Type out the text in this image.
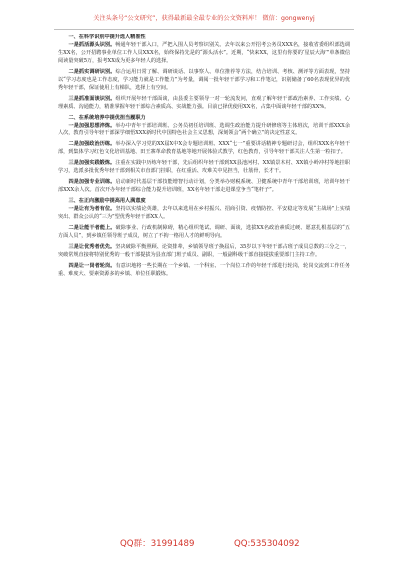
关注头条号“公文研究”，获得最新最全最专业的公文资料库！ 微信：gongwenyj

一、在科学识别中提升选人精准性

一是抓活源头识别。畅通年轻干部入口，严把入围人员考察识别关。去年以来公开招考公务员XXX名，接收省委组织部选调生XX名，公开招聘事业单位工作人员XXX名，始终保持先是的“源头活水”。近期，“快来XX，这里有你要的‘星辰大海’”单条微信阅读量突破5万，报考XX成为更多年轻人的选择。

二是抓实调研识别。综合运用日常了解、调研谈话、以事察人、单位推荐等方法，结合培训、考核、测评等方面表现，坚持以“学习态度也是工作态度，学习能力就是工作能力”为考量，调阅一批年轻干部学习和工作笔记，识别储备了60名表现优异的优秀年轻干部，保证使用上有梯队，选择上有空间。

三是抓准面谈识别。组织开展年轻干部面谈，由县委主要领导一对一轮流发问，直观了解年轻干部政治素养、工作实绩、心理素质、沟通能力，精准掌握年轻干部综合素质高、实战能力强。目前已择优使用XX名，占集中面谈年轻干部的XX%。

二、在系统培养中提优担当履职力

一是加强思想淬炼。举办中青年干部培训班、公务员初任培训班、选调生政治能力提升研修班等主体班次，培训干部XXX余人次，教育引导年轻干部深学细悟XXX新时代中国特色社会主义思想，深刻领会“两个确立”的决定性意义。

二是加强政治历练。举办深入学习党的XX届X中X会专题培训班、XXX“七一”重要讲话精神专题研讨会，组织XXX名年轻干部，到集体学习红色文化培训基地、田王寨革命教育基地等地开展体验式教学，红色教育，引导年轻干部关注人生第一粒扣子。

三是加强实践锻炼。注重在实践中历练年轻干部，先后组织年轻干部到XX县池河村、XX镇景木村、XX镇小岭冲村等地挂职学习，选派多批优秀年轻干部到相关市直部门挂职，在红重活、攻难关中见担当，壮筋骨，长才干。

四是加强专业训练。启动新时代基层干部技能增智行动计划，分类举办财税系统、卫健系统中青年干部培训班，培训年轻干部XXX余人次。首次开办年轻干部综合能力提升培训班，XX名年轻干部走进课堂争当“笔杆子”。

三、在正向激励中提高用人满意度

一是让有为者有位。坚持以实绩论英雄，去年以来选用在乡村振兴、招商引资、疫情防控、平安稳定等发展“主战场”上实绩突出、群众公认的“三为”型优秀年轻干部XX人。

二是让能干者能上。破除事业、行政机制障碍，精心组织笔试、调研、面谈，选拔XX名政治素质过硬、愿意扎根基层的“五方面人员”，到乡镇任领导班子成员，树立了不拘一格用人才的鲜明导向。

三是让优秀者优先。坚决破除平衡照顾、论资排辈，乡镇领导班子换届后，35岁以下年轻干部占班子成员总数的三分之一，突破常规直接将特别优秀的一般干部提拔为县直部门班子成员、副职，一般副科级干部直接提拔重要部门主持工作。

四是让一岗者轮岗。有意识地将一些长期在一个乡镇、一个科室、一个岗位工作的年轻干部进行轮岗，轮岗交流到工作任务重、难度大、要素资源多的乡镇、单位任职锻炼。

QQ群：31991489	QQ:535304092
